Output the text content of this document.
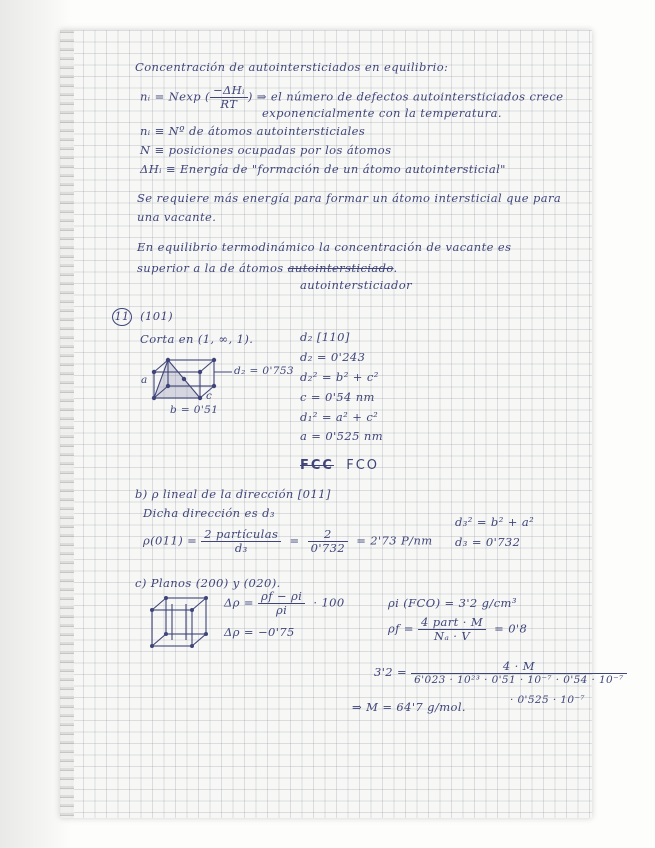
Concentración de autointersticiados en equilibrio:
nᵢ = Nexp ( $\frac{\text{−ΔHᵢ}}{RT}$ ) ⇒ el número de defectos autointersticiados crece
exponencialmente con la temperatura.
nᵢ ≡ Nº de átomos autointersticiales
N ≡ posiciones ocupadas por los átomos
ΔHᵢ ≡ Energía de "formación de un átomo autointersticial"
Se requiere más energía para formar un átomo intersticial que para
una vacante.
En equilibrio termodinámico la concentración de vacante es
superior a la de átomos autointersticiado.
autointersticiador
11 (101)
Corta en (1, ∞, 1).
a
c
d₂ = 0'753
b = 0'51
d₂ [110]
d₂ = 0'243
d₂² = b² + c²
c = 0'54 nm
d₁² = a² + c²
a = 0'525 nm
FCC FCO
b) ρ lineal de la dirección [011]
Dicha dirección es d₃
d₃² = b² + a²
d₃ = 0'732
$\rho(011) = \frac{\text{2 partículas}}{\text{d₃}} = \frac{2}{0'732} = 2'73$ P/nm
c) Planos (200) y (020).
$\Delta\rho = \frac{\rho f - \rho i}{\rho i} \cdot 100$
Δρ = −0'75
ρi (FCO) = 3'2 g/cm³
$\rho f = \frac{\text{4 part · M}}{\text{Nₐ · V}} = 0'8$
$3'2 = \frac{4 \cdot M}{\text{6'023 · 10²³ · 0'51 · 10⁻⁷ · 0'54 · 10⁻⁷}}$
· 0'525 · 10⁻⁷
⇒ M = 64'7 g/mol.
